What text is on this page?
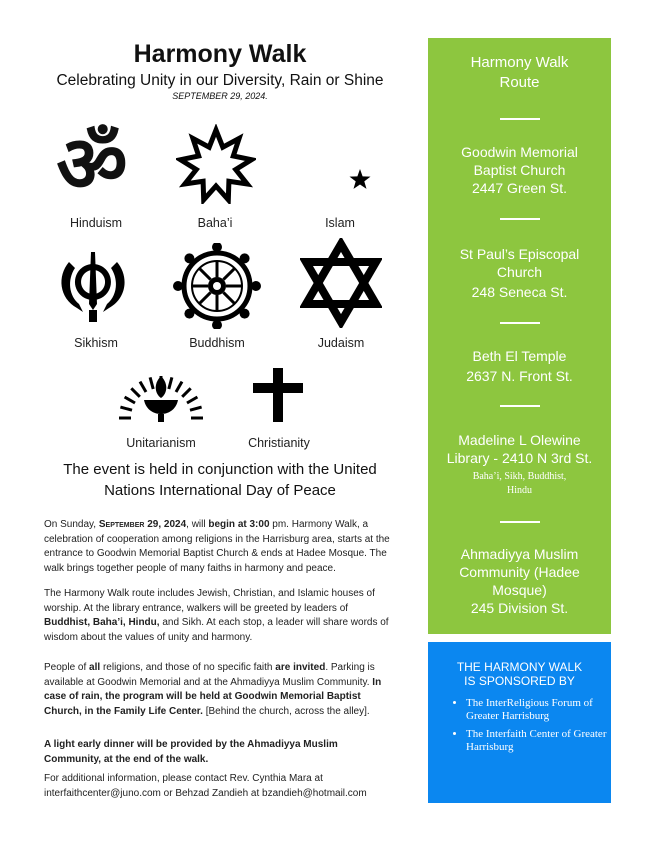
Harmony Walk
Celebrating Unity in our Diversity, Rain or Shine
SEPTEMBER 29, 2024.
ॐ
Hinduism	Baha’i	Islam
Sikhism	Buddhism	Judaism
Unitarianism	Christianity
The event is held in conjunction with the United Nations International Day of Peace

On Sunday, September 29, 2024, will begin at 3:00 pm. Harmony Walk, a celebration of cooperation among religions in the Harrisburg area, starts at the entrance to Goodwin Memorial Baptist Church & ends at Hadee Mosque. The walk brings together people of many faiths in harmony and peace.

The Harmony Walk route includes Jewish, Christian, and Islamic houses of worship. At the library entrance, walkers will be greeted by leaders of Buddhist, Baha’i, Hindu, and Sikh. At each stop, a leader will share words of wisdom about the values of unity and harmony.

People of all religions, and those of no specific faith are invited. Parking is available at Goodwin Memorial and at the Ahmadiyya Muslim Community. In case of rain, the program will be held at Goodwin Memorial Baptist Church, in the Family Life Center. [Behind the church, across the alley].

A light early dinner will be provided by the Ahmadiyya Muslim Community, at the end of the walk.
For additional information, please contact Rev. Cynthia Mara at interfaithcenter@juno.com or Behzad Zandieh at bzandieh@hotmail.com
Harmony Walk
Route
Goodwin Memorial
Baptist Church
2447 Green St.
St Paul’s Episcopal
Church
248 Seneca St.
Beth El Temple
2637 N. Front St.
Madeline L Olewine
Library - 2410 N 3rd St.
Baha’i, Sikh, Buddhist,
Hindu
Ahmadiyya Muslim
Community (Hadee
Mosque)
245 Division St.
THE HARMONY WALK
IS SPONSORED BY
• The InterReligious Forum of Greater Harrisburg
• The Interfaith Center of Greater Harrisburg
